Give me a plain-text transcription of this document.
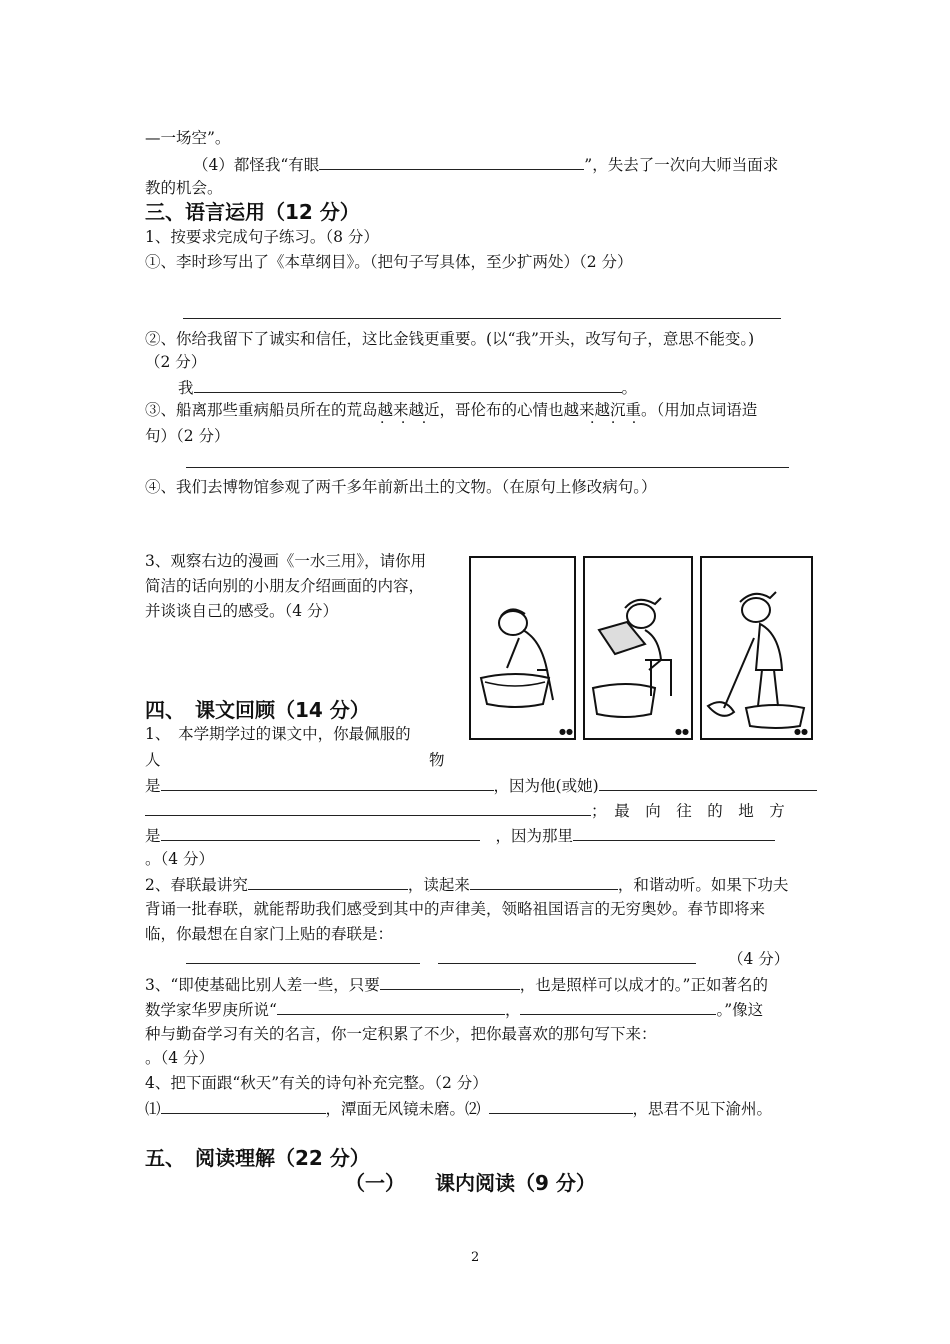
—一场空”。
（4）都怪我“有眼	”，失去了一次向大师当面求
教的机会。
三、语言运用（12 分）
1、按要求完成句子练习。（8 分）
①、李时珍写出了《本草纲目》。（把句子写具体，至少扩两处）（2 分）
②、你给我留下了诚实和信任，这比金钱更重要。(以“我”开头，改写句子，意思不能变。)
（2 分）
我	。
③、船离那些重病船员所在的荒岛越来越近，哥伦布的心情也越来越沉重。（用加点词语造
· · ·	· · ·
句）（2 分）
④、我们去博物馆参观了两千多年前新出土的文物。（在原句上修改病句。）
3、观察右边的漫画《一水三用》，请你用
简洁的话向别的小朋友介绍画面的内容，
并谈谈自己的感受。（4 分）
●●	●●	●●
四、　课文回顾（14 分）
1、　本学期学过的课文中，你最佩服的
人	物
是	，因为他(或她)
；　最　向　往　的　地　方
是	，因为那里
。（4 分）
2、春联最讲究	，读起来	，和谐动听。如果下功夫
背诵一批春联，就能帮助我们感受到其中的声律美，领略祖国语言的无穷奥妙。春节即将来
临，你最想在自家门上贴的春联是：
（4 分）
3、“即使基础比别人差一些，只要	，也是照样可以成才的。”正如著名的
数学家华罗庚所说“	，	。”像这
种与勤奋学习有关的名言，你一定积累了不少，把你最喜欢的那句写下来：
。（4 分）
4、把下面跟“秋天”有关的诗句补充完整。（2 分）
⑴	，潭面无风镜未磨。⑵	，思君不见下渝州。
五、　阅读理解（22 分）
（一）　　课内阅读（9 分）
2
